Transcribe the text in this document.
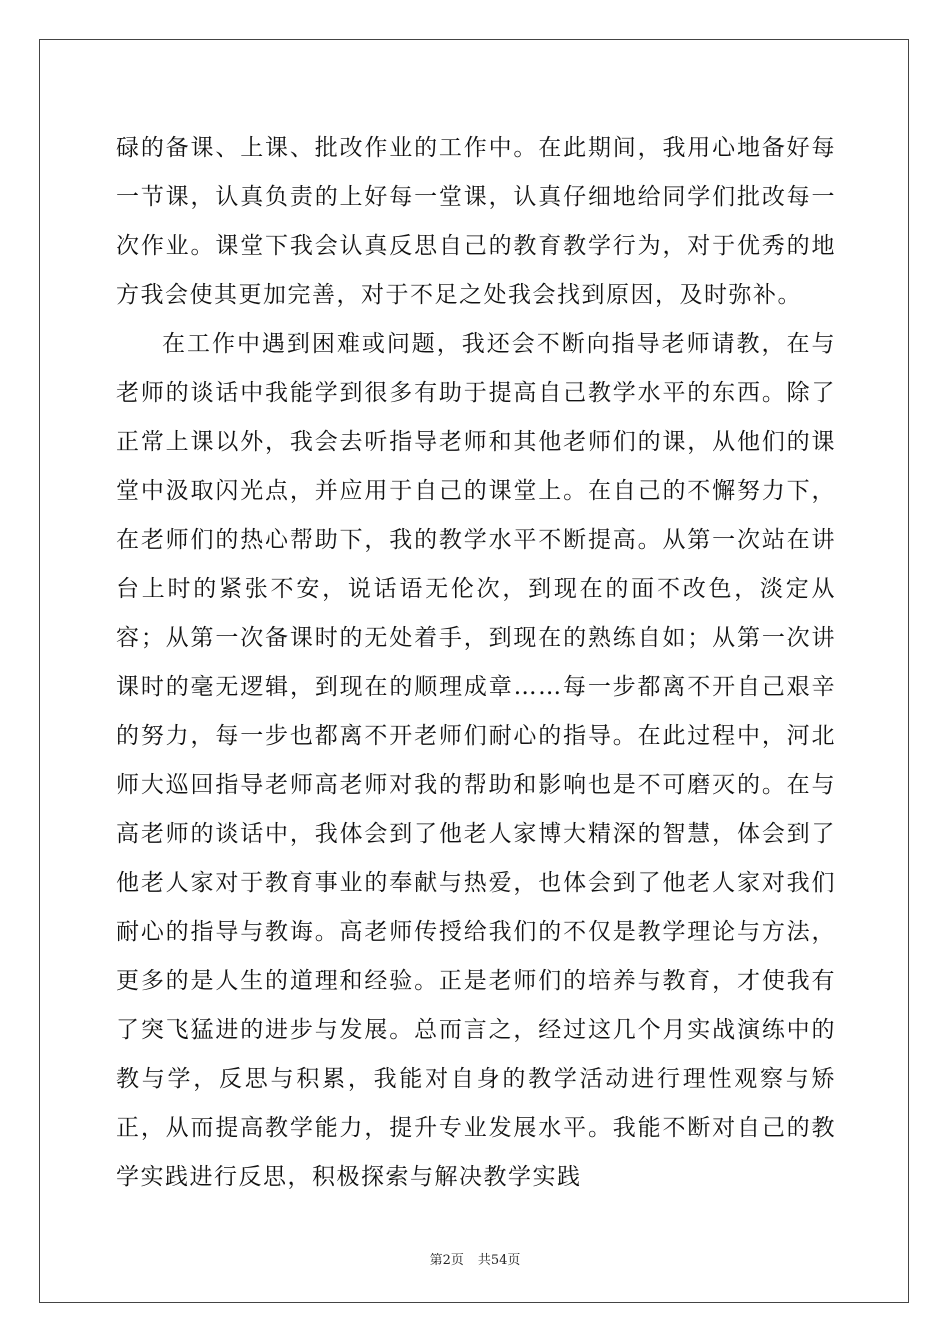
碌的备课、上课、批改作业的工作中。在此期间，我用心地备好每一节课，认真负责的上好每一堂课，认真仔细地给同学们批改每一次作业。课堂下我会认真反思自己的教育教学行为，对于优秀的地方我会使其更加完善，对于不足之处我会找到原因，及时弥补。

在工作中遇到困难或问题，我还会不断向指导老师请教，在与老师的谈话中我能学到很多有助于提高自己教学水平的东西。除了正常上课以外，我会去听指导老师和其他老师们的课，从他们的课堂中汲取闪光点，并应用于自己的课堂上。在自己的不懈努力下，在老师们的热心帮助下，我的教学水平不断提高。从第一次站在讲台上时的紧张不安，说话语无伦次，到现在的面不改色，淡定从容；从第一次备课时的无处着手，到现在的熟练自如；从第一次讲课时的毫无逻辑，到现在的顺理成章……每一步都离不开自己艰辛的努力，每一步也都离不开老师们耐心的指导。在此过程中，河北师大巡回指导老师高老师对我的帮助和影响也是不可磨灭的。在与高老师的谈话中，我体会到了他老人家博大精深的智慧，体会到了他老人家对于教育事业的奉献与热爱，也体会到了他老人家对我们耐心的指导与教诲。高老师传授给我们的不仅是教学理论与方法，更多的是人生的道理和经验。正是老师们的培养与教育，才使我有了突飞猛进的进步与发展。总而言之，经过这几个月实战演练中的教与学，反思与积累，我能对自身的教学活动进行理性观察与矫正，从而提高教学能力，提升专业发展水平。我能不断对自己的教学实践进行反思，积极探索与解决教学实践

第2页 共54页
